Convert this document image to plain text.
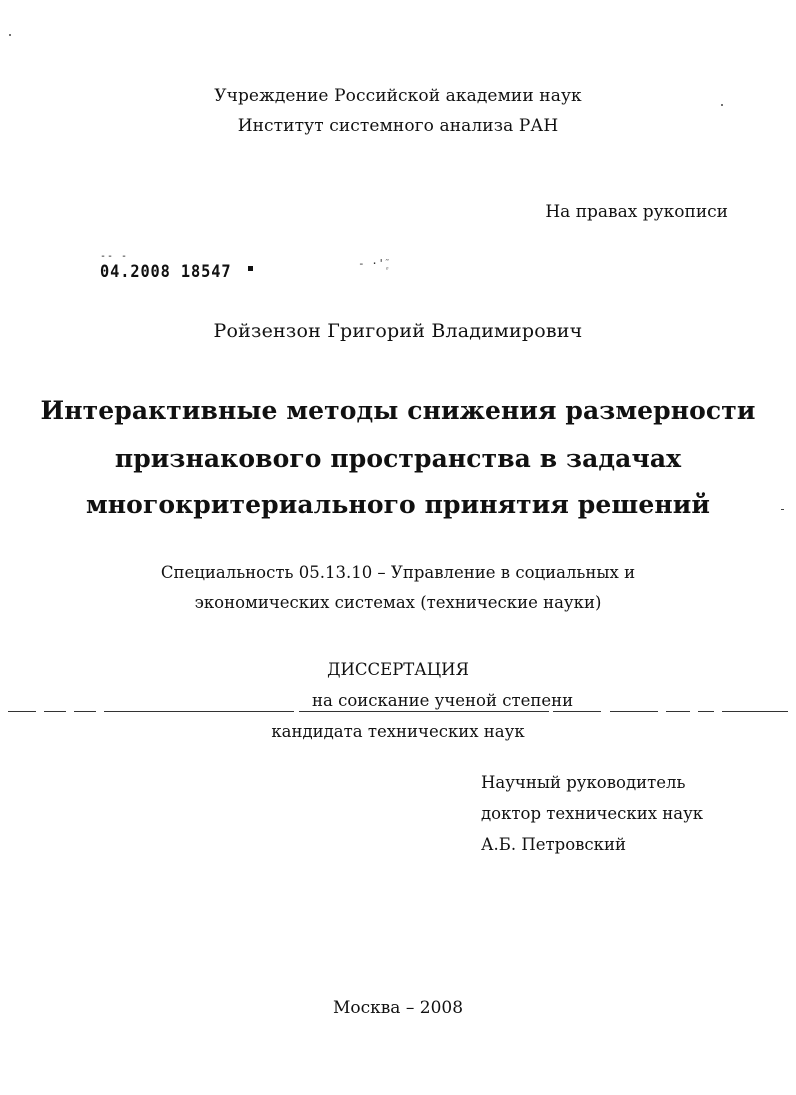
Учреждение Российской академии наук
Институт системного анализа РАН
На правах рукописи
-- -
04.2008 18547	- ·' ᷊᷉
Ройзензон Григорий Владимирович
Интерактивные методы снижения размерности
признакового пространства в задачах
многокритериального принятия решений
Специальность 05.13.10 – Управление в социальных и
экономических системах (технические науки)
ДИССЕРТАЦИЯ
на соискание ученой степени
кандидата технических наук
Научный руководитель
доктор технических наук
А.Б. Петровский
Москва – 2008
